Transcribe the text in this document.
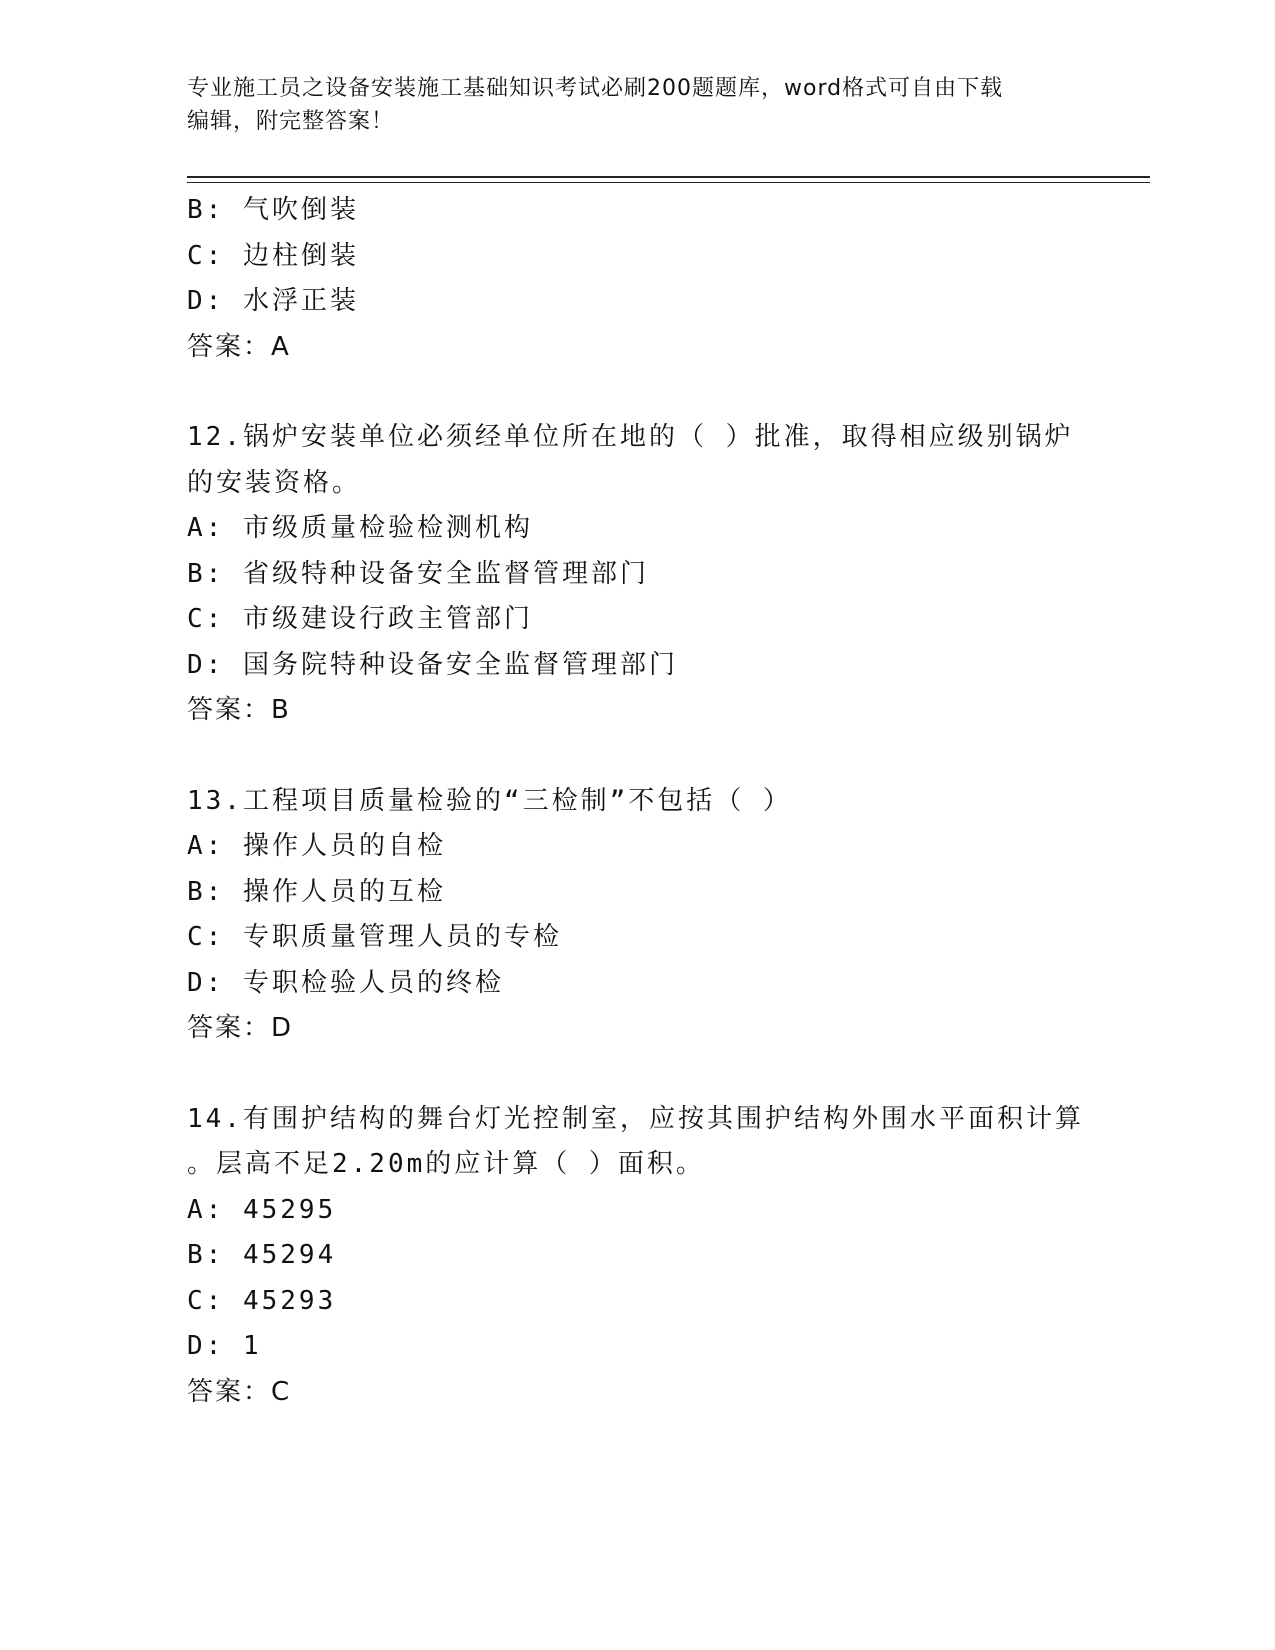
专业施工员之设备安装施工基础知识考试必刷200题题库，word格式可自由下载
编辑，附完整答案！
B: 气吹倒装
C: 边柱倒装
D: 水浮正装
答案：A
12.锅炉安装单位必须经单位所在地的（ ）批准，取得相应级别锅炉
的安装资格。
A: 市级质量检验检测机构
B: 省级特种设备安全监督管理部门
C: 市级建设行政主管部门
D: 国务院特种设备安全监督管理部门
答案：B
13.工程项目质量检验的“三检制”不包括（ ）
A: 操作人员的自检
B: 操作人员的互检
C: 专职质量管理人员的专检
D: 专职检验人员的终检
答案：D
14.有围护结构的舞台灯光控制室，应按其围护结构外围水平面积计算
。层高不足2.20m的应计算（ ）面积。
A: 45295
B: 45294
C: 45293
D: 1
答案：C
